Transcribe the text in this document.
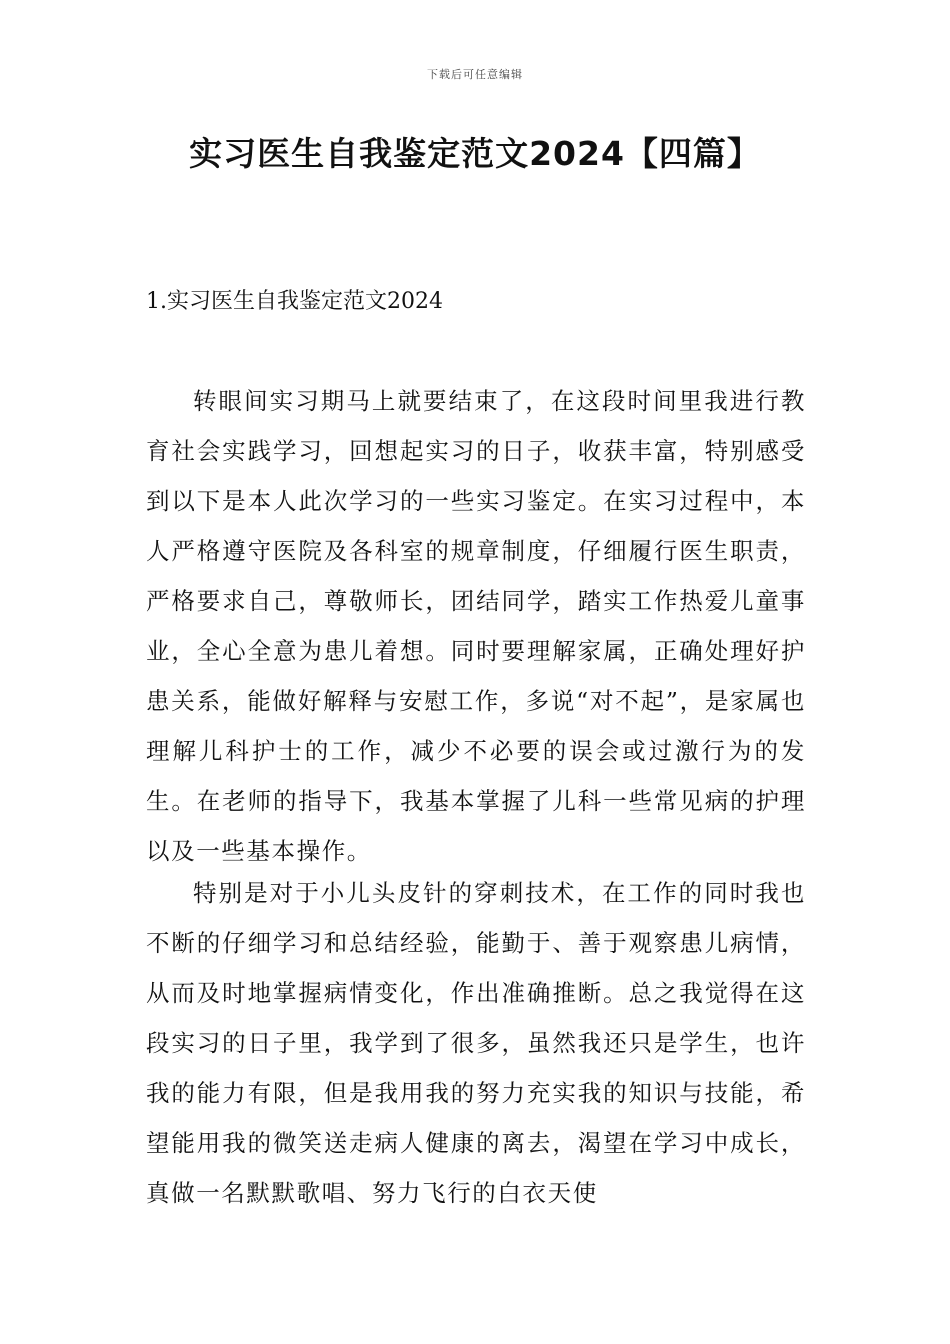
下载后可任意编辑
实习医生自我鉴定范文2024【四篇】
1.实习医生自我鉴定范文2024

转眼间实习期马上就要结束了，在这段时间里我进行教育社会实践学习，回想起实习的日子，收获丰富，特别感受到以下是本人此次学习的一些实习鉴定。在实习过程中，本人严格遵守医院及各科室的规章制度，仔细履行医生职责，严格要求自己，尊敬师长，团结同学，踏实工作热爱儿童事业，全心全意为患儿着想。同时要理解家属，正确处理好护患关系，能做好解释与安慰工作，多说“对不起”，是家属也理解儿科护士的工作，减少不必要的误会或过激行为的发生。在老师的指导下，我基本掌握了儿科一些常见病的护理以及一些基本操作。

特别是对于小儿头皮针的穿刺技术，在工作的同时我也不断的仔细学习和总结经验，能勤于、善于观察患儿病情，从而及时地掌握病情变化，作出准确推断。总之我觉得在这段实习的日子里，我学到了很多，虽然我还只是学生，也许我的能力有限，但是我用我的努力充实我的知识与技能，希望能用我的微笑送走病人健康的离去，渴望在学习中成长，真做一名默默歌唱、努力飞行的白衣天使
